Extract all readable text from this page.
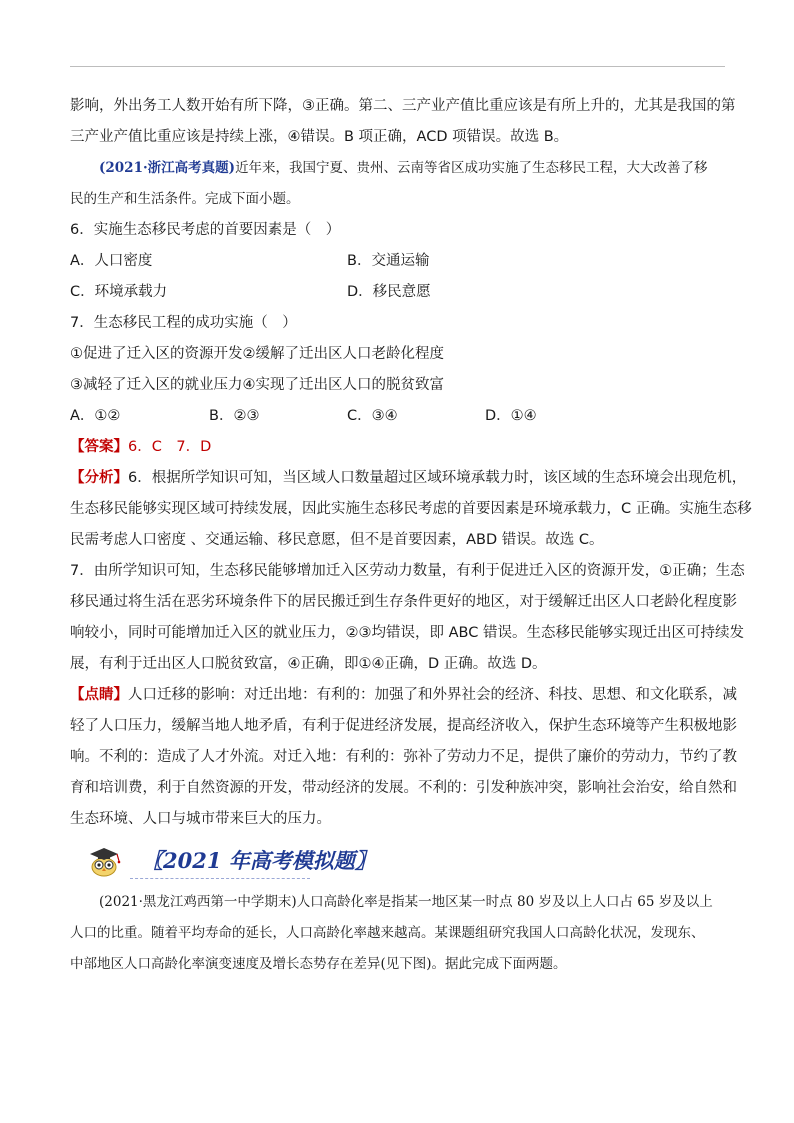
影响，外出务工人数开始有所下降，③正确。第二、三产业产值比重应该是有所上升的，尤其是我国的第

三产业产值比重应该是持续上涨，④错误。B 项正确，ACD 项错误。故选 B。

(2021·浙江高考真题)近年来，我国宁夏、贵州、云南等省区成功实施了生态移民工程，大大改善了移

民的生产和生活条件。完成下面小题。

6．实施生态移民考虑的首要因素是（　）

A．人口密度	B．交通运输
C．环境承载力	D．移民意愿

7．生态移民工程的成功实施（　）

①促进了迁入区的资源开发②缓解了迁出区人口老龄化程度

③减轻了迁入区的就业压力④实现了迁出区人口的脱贫致富

A．①②	B．②③	C．③④	D．①④

【答案】6．C　7．D

【分析】6．根据所学知识可知，当区域人口数量超过区域环境承载力时，该区域的生态环境会出现危机，

生态移民能够实现区域可持续发展，因此实施生态移民考虑的首要因素是环境承载力，C 正确。实施生态移

民需考虑人口密度 、交通运输、移民意愿，但不是首要因素，ABD 错误。故选 C。

7．由所学知识可知，生态移民能够增加迁入区劳动力数量，有利于促进迁入区的资源开发，①正确；生态

移民通过将生活在恶劣环境条件下的居民搬迁到生存条件更好的地区，对于缓解迁出区人口老龄化程度影

响较小，同时可能增加迁入区的就业压力，②③均错误，即 ABC 错误。生态移民能够实现迁出区可持续发

展，有利于迁出区人口脱贫致富，④正确，即①④正确，D 正确。故选 D。

【点睛】人口迁移的影响：对迁出地：有利的：加强了和外界社会的经济、科技、思想、和文化联系，减

轻了人口压力，缓解当地人地矛盾，有利于促进经济发展，提高经济收入，保护生态环境等产生积极地影

响。不利的：造成了人才外流。对迁入地：有利的：弥补了劳动力不足，提供了廉价的劳动力，节约了教

育和培训费，利于自然资源的开发，带动经济的发展。不利的：引发种族冲突，影响社会治安，给自然和

生态环境、人口与城市带来巨大的压力。

〖2021 年高考模拟题〗

(2021·黑龙江鸡西第一中学期末)人口高龄化率是指某一地区某一时点 80 岁及以上人口占 65 岁及以上

人口的比重。随着平均寿命的延长，人口高龄化率越来越高。某课题组研究我国人口高龄化状况，发现东、

中部地区人口高龄化率演变速度及增长态势存在差异(见下图)。据此完成下面两题。
